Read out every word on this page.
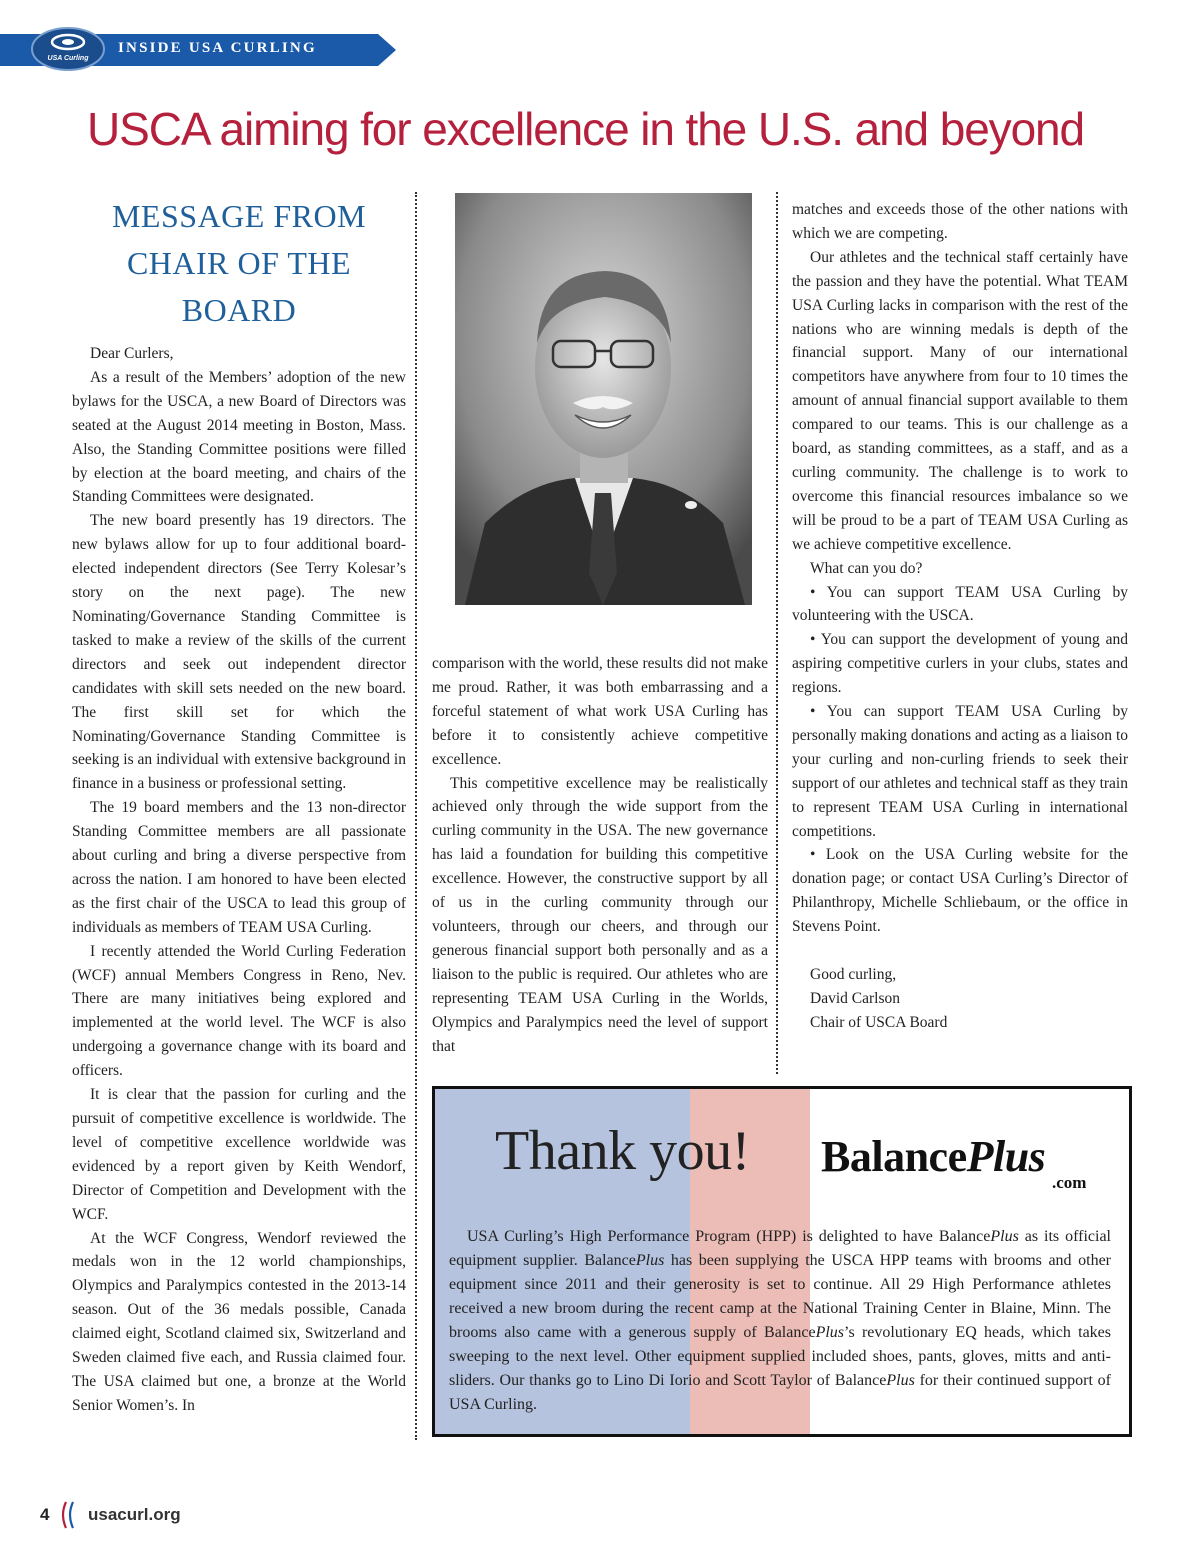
INSIDE USA CURLING
USA Curling
USCA aiming for excellence in the U.S. and beyond
MESSAGE FROM
CHAIR OF THE
BOARD

Dear Curlers,

As a result of the Members’ adoption of the new bylaws for the USCA, a new Board of Directors was seated at the August 2014 meeting in Boston, Mass. Also, the Standing Committee positions were filled by election at the board meeting, and chairs of the Standing Committees were designated.

The new board presently has 19 directors. The new bylaws allow for up to four additional board-elected independent directors (See Terry Kolesar’s story on the next page). The new Nominating/Governance Standing Committee is tasked to make a review of the skills of the current directors and seek out independent director candidates with skill sets needed on the new board. The first skill set for which the Nominating/Governance Standing Committee is seeking is an individual with extensive background in finance in a business or professional setting.

The 19 board members and the 13 non-director Standing Committee members are all passionate about curling and bring a diverse perspective from across the nation. I am honored to have been elected as the first chair of the USCA to lead this group of individuals as members of TEAM USA Curling.

I recently attended the World Curling Federation (WCF) annual Members Congress in Reno, Nev. There are many initiatives being explored and implemented at the world level. The WCF is also undergoing a governance change with its board and officers.

It is clear that the passion for curling and the pursuit of competitive excellence is worldwide. The level of competitive excellence worldwide was evidenced by a report given by Keith Wendorf, Director of Competition and Development with the WCF.

At the WCF Congress, Wendorf reviewed the medals won in the 12 world championships, Olympics and Paralympics contested in the 2013-14 season. Out of the 36 medals possible, Canada claimed eight, Scotland claimed six, Switzerland and Sweden claimed five each, and Russia claimed four. The USA claimed but one, a bronze at the World Senior Women’s. In

comparison with the world, these results did not make me proud. Rather, it was both embarrassing and a forceful statement of what work USA Curling has before it to consistently achieve competitive excellence.

This competitive excellence may be realistically achieved only through the wide support from the curling community in the USA. The new governance has laid a foundation for building this competitive excellence. However, the constructive support by all of us in the curling community through our volunteers, through our cheers, and through our generous financial support both personally and as a liaison to the public is required. Our athletes who are representing TEAM USA Curling in the Worlds, Olympics and Paralympics need the level of support that

matches and exceeds those of the other nations with which we are competing.

Our athletes and the technical staff certainly have the passion and they have the potential. What TEAM USA Curling lacks in comparison with the rest of the nations who are winning medals is depth of the financial support. Many of our international competitors have anywhere from four to 10 times the amount of annual financial support available to them compared to our teams. This is our challenge as a board, as standing committees, as a staff, and as a curling community. The challenge is to work to overcome this financial resources imbalance so we will be proud to be a part of TEAM USA Curling as we achieve competitive excellence.

What can you do?

• You can support TEAM USA Curling by volunteering with the USCA.

• You can support the development of young and aspiring competitive curlers in your clubs, states and regions.

• You can support TEAM USA Curling by personally making donations and acting as a liaison to your curling and non-curling friends to seek their support of our athletes and technical staff as they train to represent TEAM USA Curling in international competitions.

• Look on the USA Curling website for the donation page; or contact USA Curling’s Director of Philanthropy, Michelle Schliebaum, or the office in Stevens Point.

Good curling,

David Carlson

Chair of USCA Board

Thank you! BalancePlus
.com
USA Curling’s High Performance Program (HPP) is delighted to have BalancePlus as its official equipment supplier. BalancePlus has been supplying the USCA HPP teams with brooms and other equipment since 2011 and their generosity is set to continue. All 29 High Performance athletes received a new broom during the recent camp at the National Training Center in Blaine, Minn. The brooms also came with a generous supply of BalancePlus’s revolutionary EQ heads, which takes sweeping to the next level. Other equipment supplied included shoes, pants, gloves, mitts and anti-sliders. Our thanks go to Lino Di Iorio and Scott Taylor of BalancePlus for their continued support of USA Curling.
4 usacurl.org
